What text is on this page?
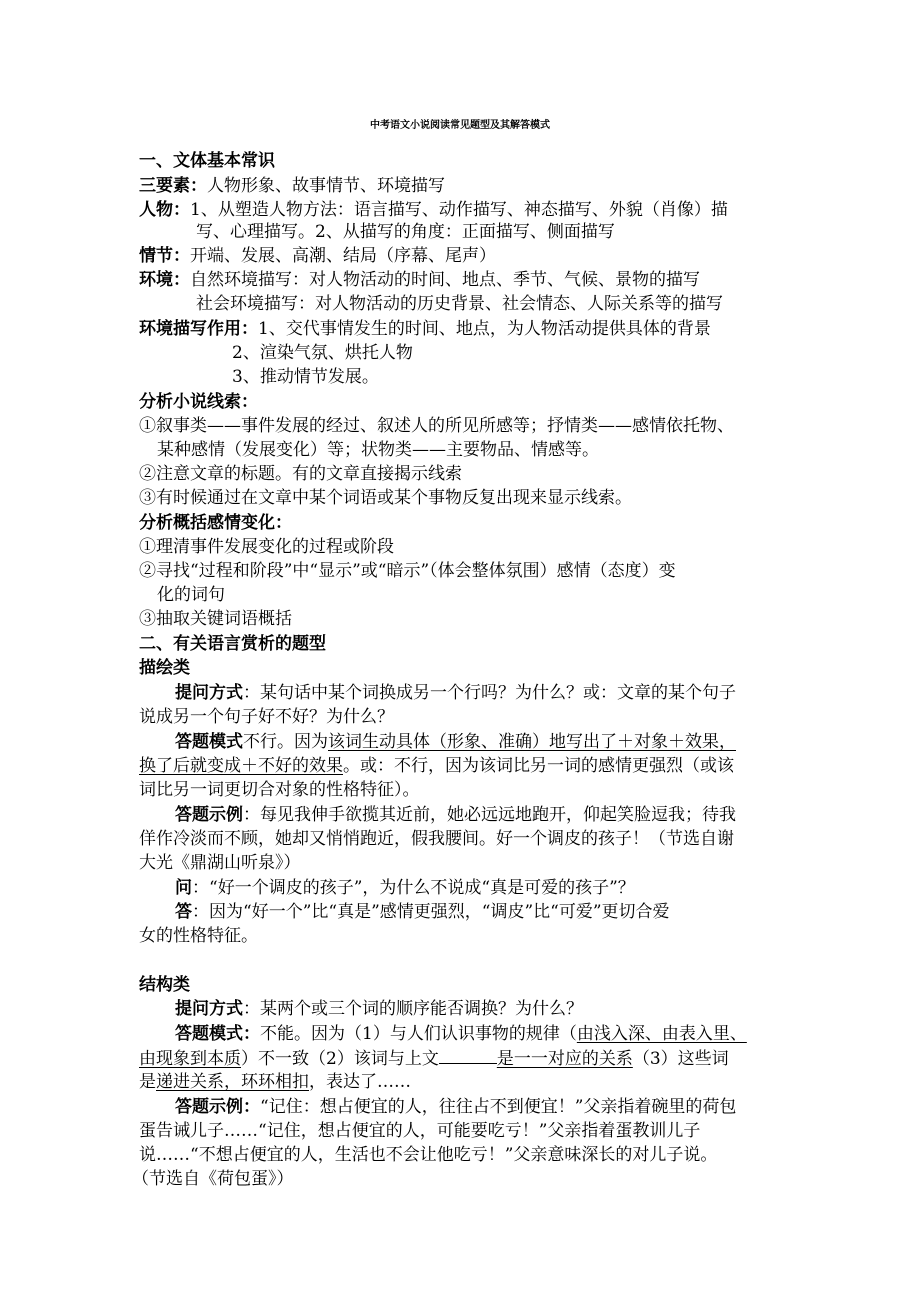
中考语文小说阅读常见题型及其解答模式
一、文体基本常识
三要素：人物形象、故事情节、环境描写
人物：1、从塑造人物方法：语言描写、动作描写、神态描写、外貌（肖像）描
写、心理描写。2、从描写的角度：正面描写、侧面描写
情节：开端、发展、高潮、结局（序幕、尾声）
环境：自然环境描写：对人物活动的时间、地点、季节、气候、景物的描写
社会环境描写：对人物活动的历史背景、社会情态、人际关系等的描写
环境描写作用：1、交代事情发生的时间、地点，为人物活动提供具体的背景
2、渲染气氛、烘托人物
3、推动情节发展。
分析小说线索：
①叙事类——事件发展的经过、叙述人的所见所感等；抒情类——感情依托物、
某种感情（发展变化）等；状物类——主要物品、情感等。
②注意文章的标题。有的文章直接揭示线索
③有时候通过在文章中某个词语或某个事物反复出现来显示线索。
分析概括感情变化：
①理清事件发展变化的过程或阶段
②寻找“过程和阶段”中“显示”或“暗示”（体会整体氛围）感情（态度）变
化的词句
③抽取关键词语概括
二、有关语言赏析的题型
描绘类
提问方式：某句话中某个词换成另一个行吗？为什么？或：文章的某个句子
说成另一个句子好不好？为什么？
答题模式不行。因为该词生动具体（形象、准确）地写出了＋对象＋效果，
换了后就变成＋不好的效果。或：不行，因为该词比另一词的感情更强烈（或该
词比另一词更切合对象的性格特征）。
答题示例：每见我伸手欲揽其近前，她必远远地跑开，仰起笑脸逗我；待我
佯作冷淡而不顾，她却又悄悄跑近，假我腰间。好一个调皮的孩子！（节选自谢
大光《鼎湖山听泉》）
问：“好一个调皮的孩子”，为什么不说成“真是可爱的孩子”？
答：因为“好一个”比“真是”感情更强烈，“调皮”比“可爱”更切合爱
女的性格特征。
结构类
提问方式：某两个或三个词的顺序能否调换？为什么？
答题模式：不能。因为（1）与人们认识事物的规律（由浅入深、由表入里、
由现象到本质）不一致（2）该词与上文	是一一对应的关系（3）这些词
是递进关系，环环相扣，表达了……
答题示例：“记住：想占便宜的人，往往占不到便宜！”父亲指着碗里的荷包
蛋告诫儿子……“记住，想占便宜的人，可能要吃亏！”父亲指着蛋教训儿子
说……“不想占便宜的人，生活也不会让他吃亏！”父亲意味深长的对儿子说。
（节选自《荷包蛋》）
